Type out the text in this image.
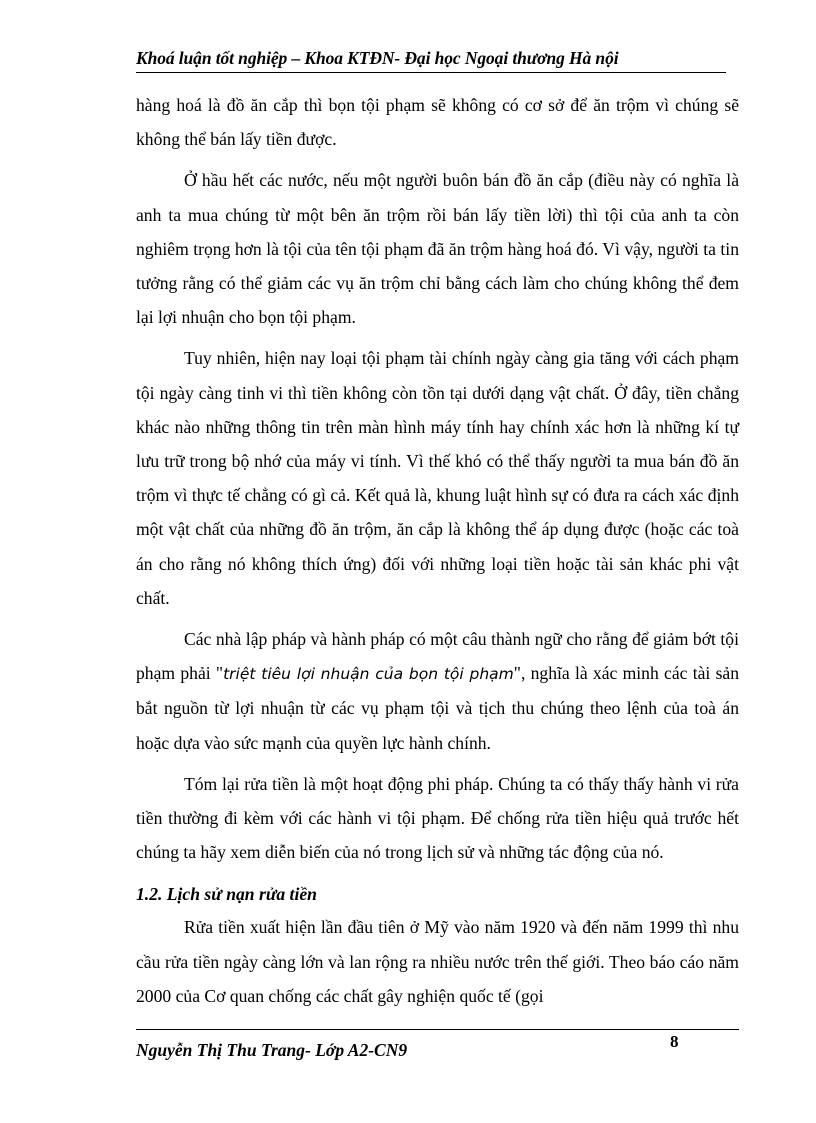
Khoá luận tốt nghiệp – Khoa KTĐN- Đại học Ngoại thương Hà nội

hàng hoá là đồ ăn cắp thì bọn tội phạm sẽ không có cơ sở để ăn trộm vì chúng sẽ không thể bán lấy tiền được.

Ở hầu hết các nước, nếu một người buôn bán đồ ăn cắp (điều này có nghĩa là anh ta mua chúng từ một bên ăn trộm rồi bán lấy tiền lời) thì tội của anh ta còn nghiêm trọng hơn là tội của tên tội phạm đã ăn trộm hàng hoá đó. Vì vậy, người ta tin tưởng rằng có thể giảm các vụ ăn trộm chỉ bằng cách làm cho chúng không thể đem lại lợi nhuận cho bọn tội phạm.

Tuy nhiên, hiện nay loại tội phạm tài chính ngày càng gia tăng với cách phạm tội ngày càng tinh vi thì tiền không còn tồn tại dưới dạng vật chất. Ở đây, tiền chẳng khác nào những thông tin trên màn hình máy tính hay chính xác hơn là những kí tự lưu trữ trong bộ nhớ của máy vi tính. Vì thế khó có thể thấy người ta mua bán đồ ăn trộm vì thực tế chẳng có gì cả. Kết quả là, khung luật hình sự có đưa ra cách xác định một vật chất của những đồ ăn trộm, ăn cắp là không thể áp dụng được (hoặc các toà án cho rằng nó không thích ứng) đối với những loại tiền hoặc tài sản khác phi vật chất.

Các nhà lập pháp và hành pháp có một câu thành ngữ cho rằng để giảm bớt tội phạm phải "triệt tiêu lợi nhuận của bọn tội phạm", nghĩa là xác minh các tài sản bắt nguồn từ lợi nhuận từ các vụ phạm tội và tịch thu chúng theo lệnh của toà án hoặc dựa vào sức mạnh của quyền lực hành chính.

Tóm lại rửa tiền là một hoạt động phi pháp. Chúng ta có thấy thấy hành vi rửa tiền thường đi kèm với các hành vi tội phạm. Để chống rửa tiền hiệu quả trước hết chúng ta hãy xem diễn biến của nó trong lịch sử và những tác động của nó.

1.2. Lịch sử nạn rửa tiền

Rửa tiền xuất hiện lần đầu tiên ở Mỹ vào năm 1920 và đến năm 1999 thì nhu cầu rửa tiền ngày càng lớn và lan rộng ra nhiều nước trên thế giới. Theo báo cáo năm 2000 của Cơ quan chống các chất gây nghiện quốc tế (gọi

Nguyễn Thị Thu Trang- Lớp A2-CN9	8
